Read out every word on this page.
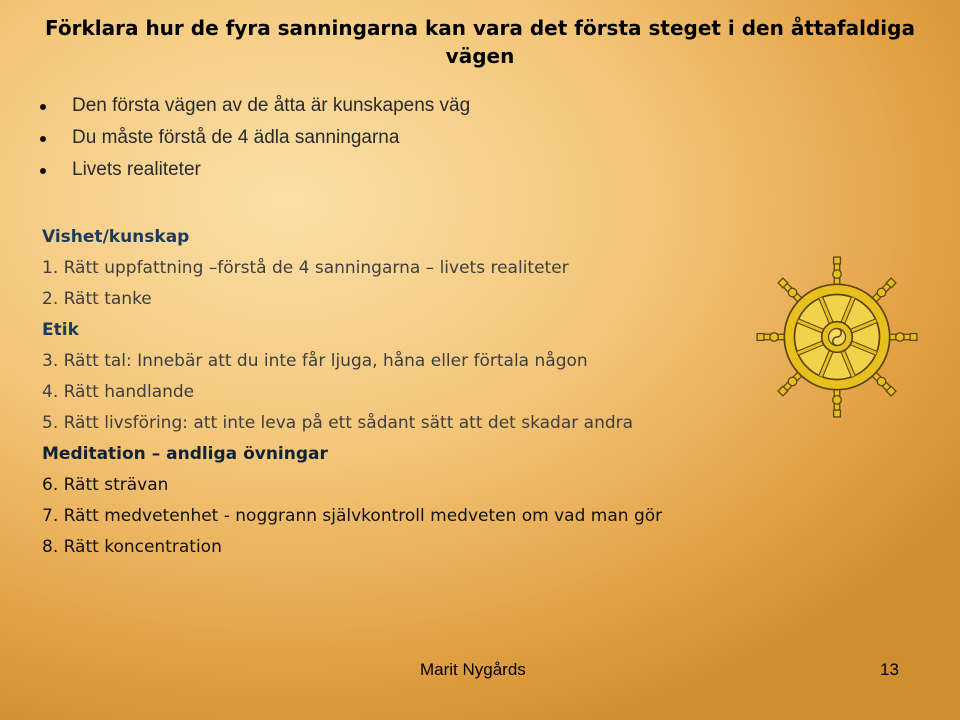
Förklara hur de fyra sanningarna kan vara det första steget i den åttafaldiga vägen
Den första vägen av de åtta är kunskapens väg
Du måste förstå de 4 ädla sanningarna
Livets realiteter
Vishet/kunskap
1. Rätt uppfattning –förstå de 4 sanningarna – livets realiteter
2. Rätt tanke
Etik
3. Rätt tal: Innebär att du inte får ljuga, håna eller förtala någon
4. Rätt handlande
5. Rätt livsföring: att inte leva på ett sådant sätt att det skadar andra
Meditation – andliga övningar
6. Rätt strävan
7. Rätt medvetenhet - noggrann självkontroll medveten om vad man gör
8. Rätt koncentration
Marit Nygårds	13
